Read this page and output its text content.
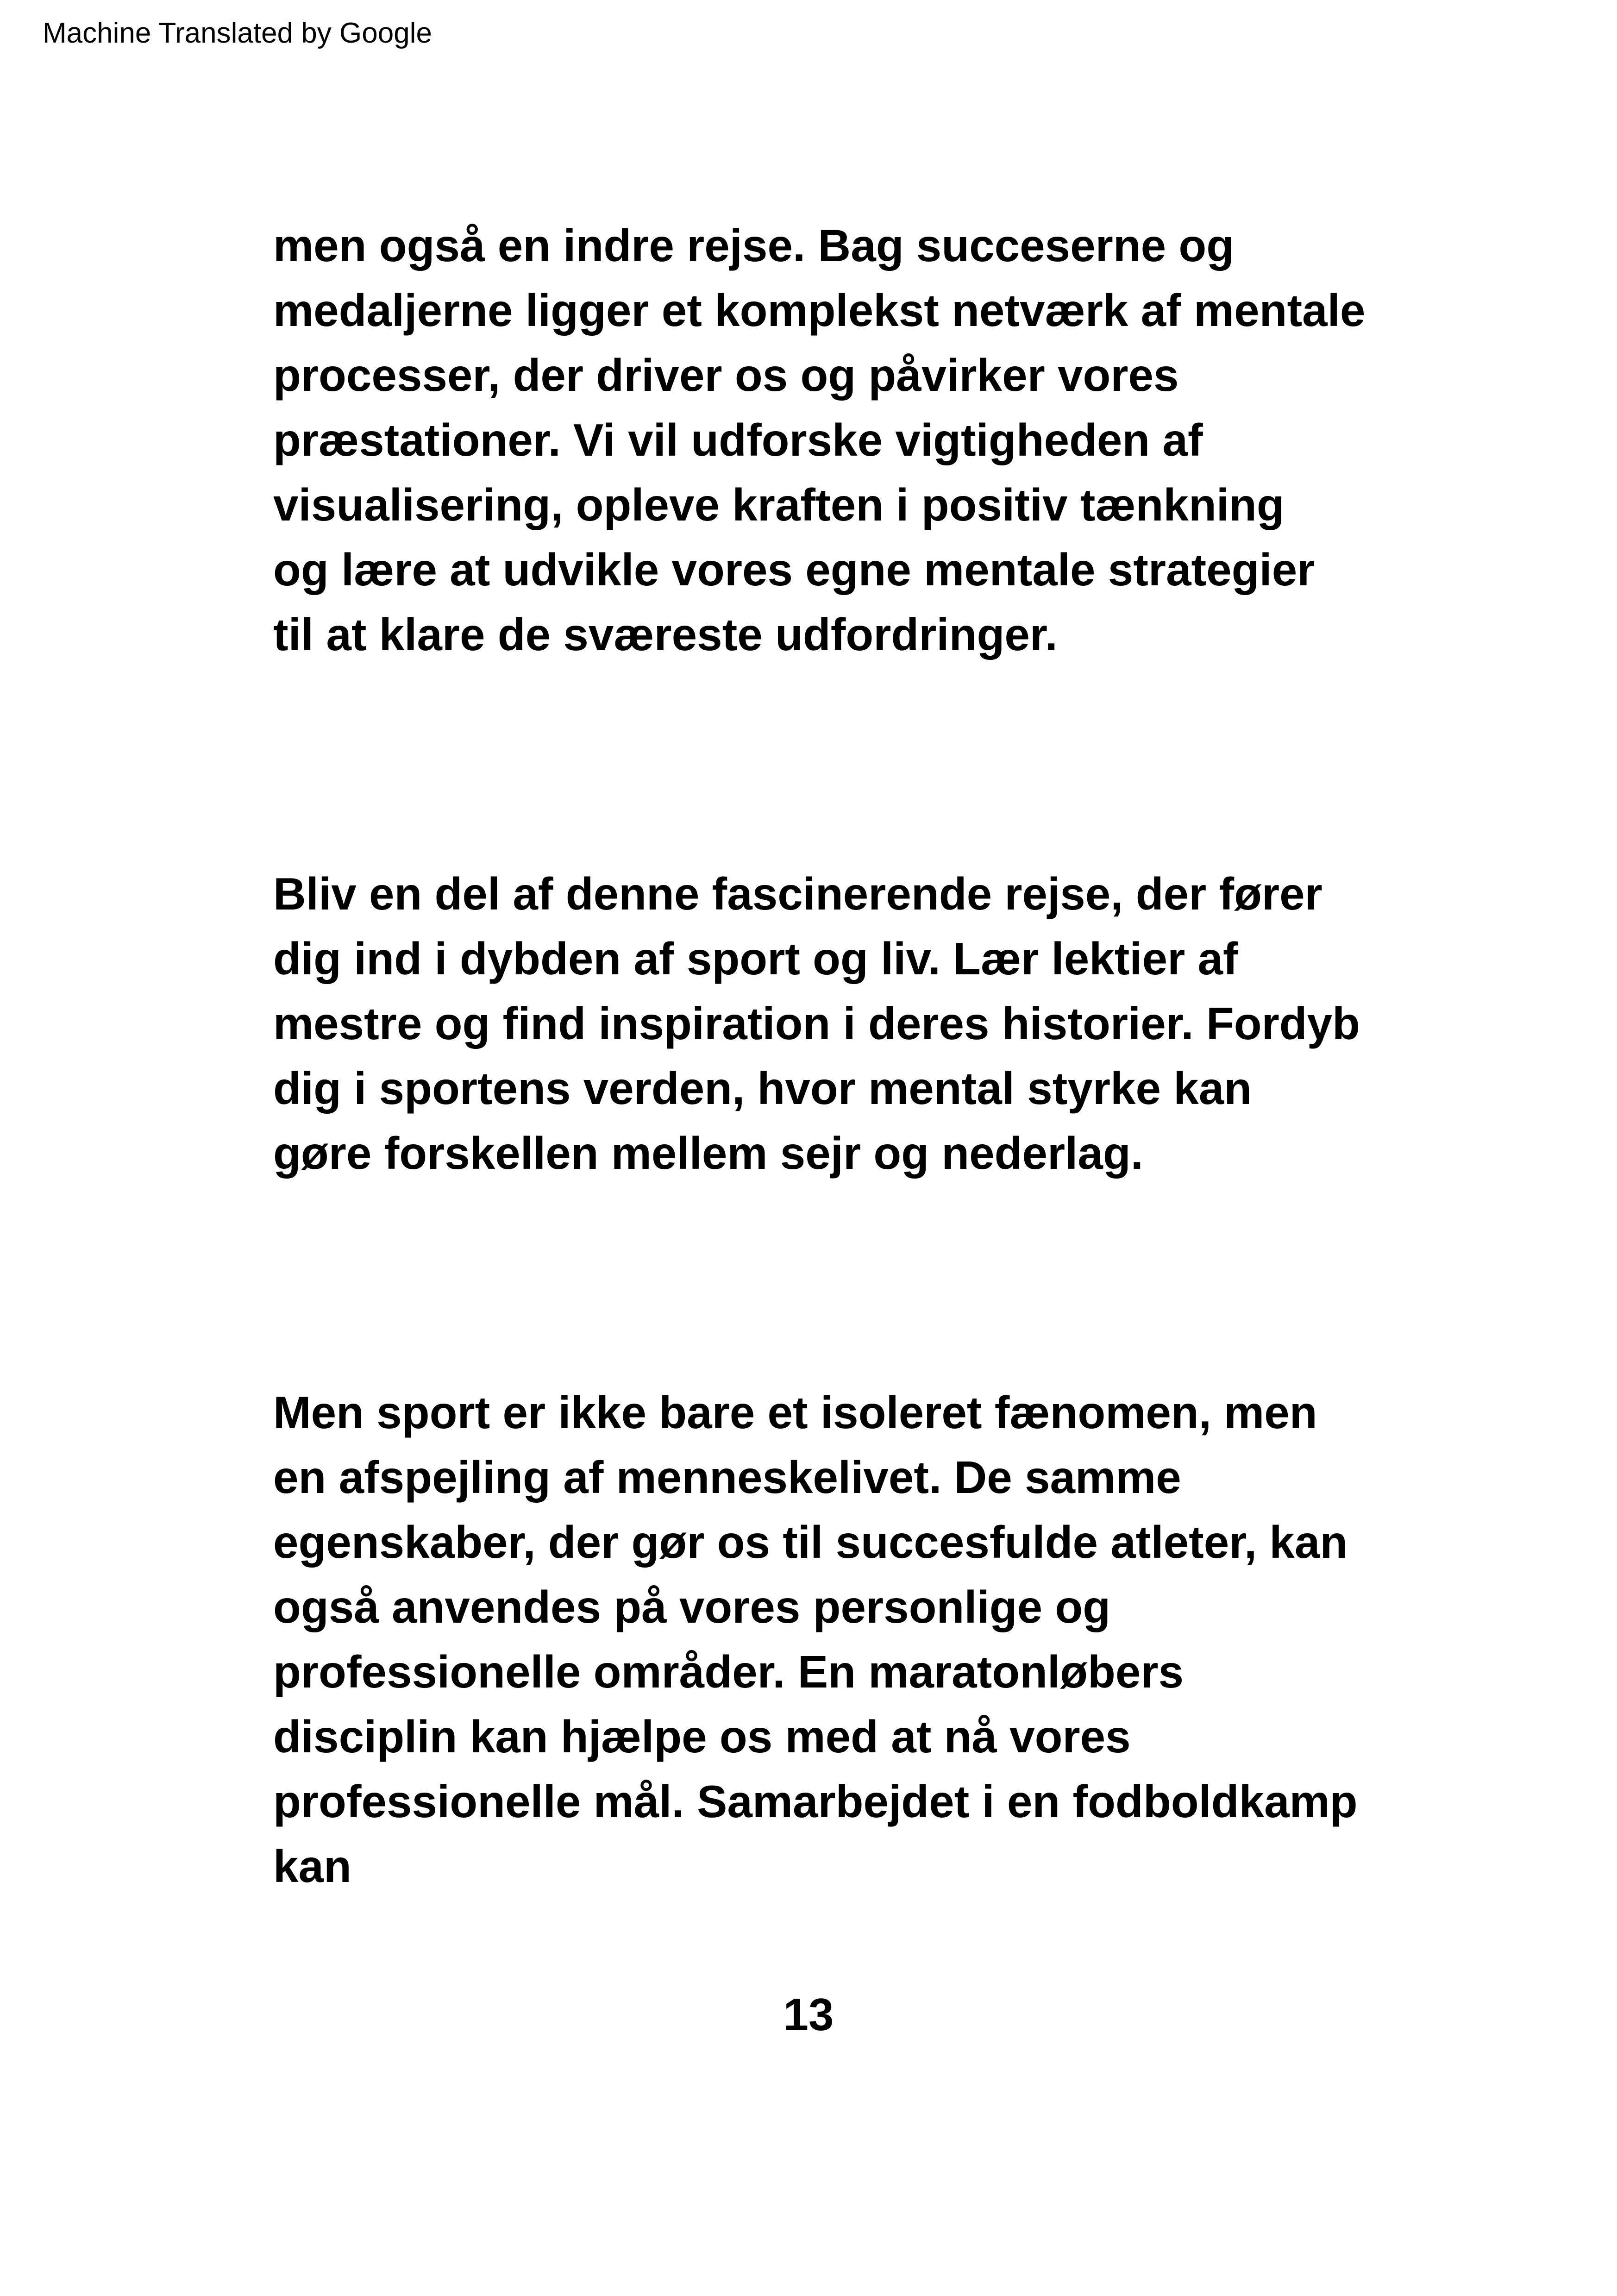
Machine Translated by Google
men også en indre rejse. Bag succeserne og
medaljerne ligger et komplekst netværk af mentale
processer, der driver os og påvirker vores
præstationer. Vi vil udforske vigtigheden af
visualisering, opleve kraften i positiv tænkning
og lære at udvikle vores egne mentale strategier
til at klare de sværeste udfordringer.
Bliv en del af denne fascinerende rejse, der fører
dig ind i dybden af sport og liv. Lær lektier af
mestre og find inspiration i deres historier. Fordyb
dig i sportens verden, hvor mental styrke kan
gøre forskellen mellem sejr og nederlag.
Men sport er ikke bare et isoleret fænomen, men
en afspejling af menneskelivet. De samme
egenskaber, der gør os til succesfulde atleter, kan
også anvendes på vores personlige og
professionelle områder. En maratonløbers
disciplin kan hjælpe os med at nå vores
professionelle mål. Samarbejdet i en fodboldkamp
kan
13
